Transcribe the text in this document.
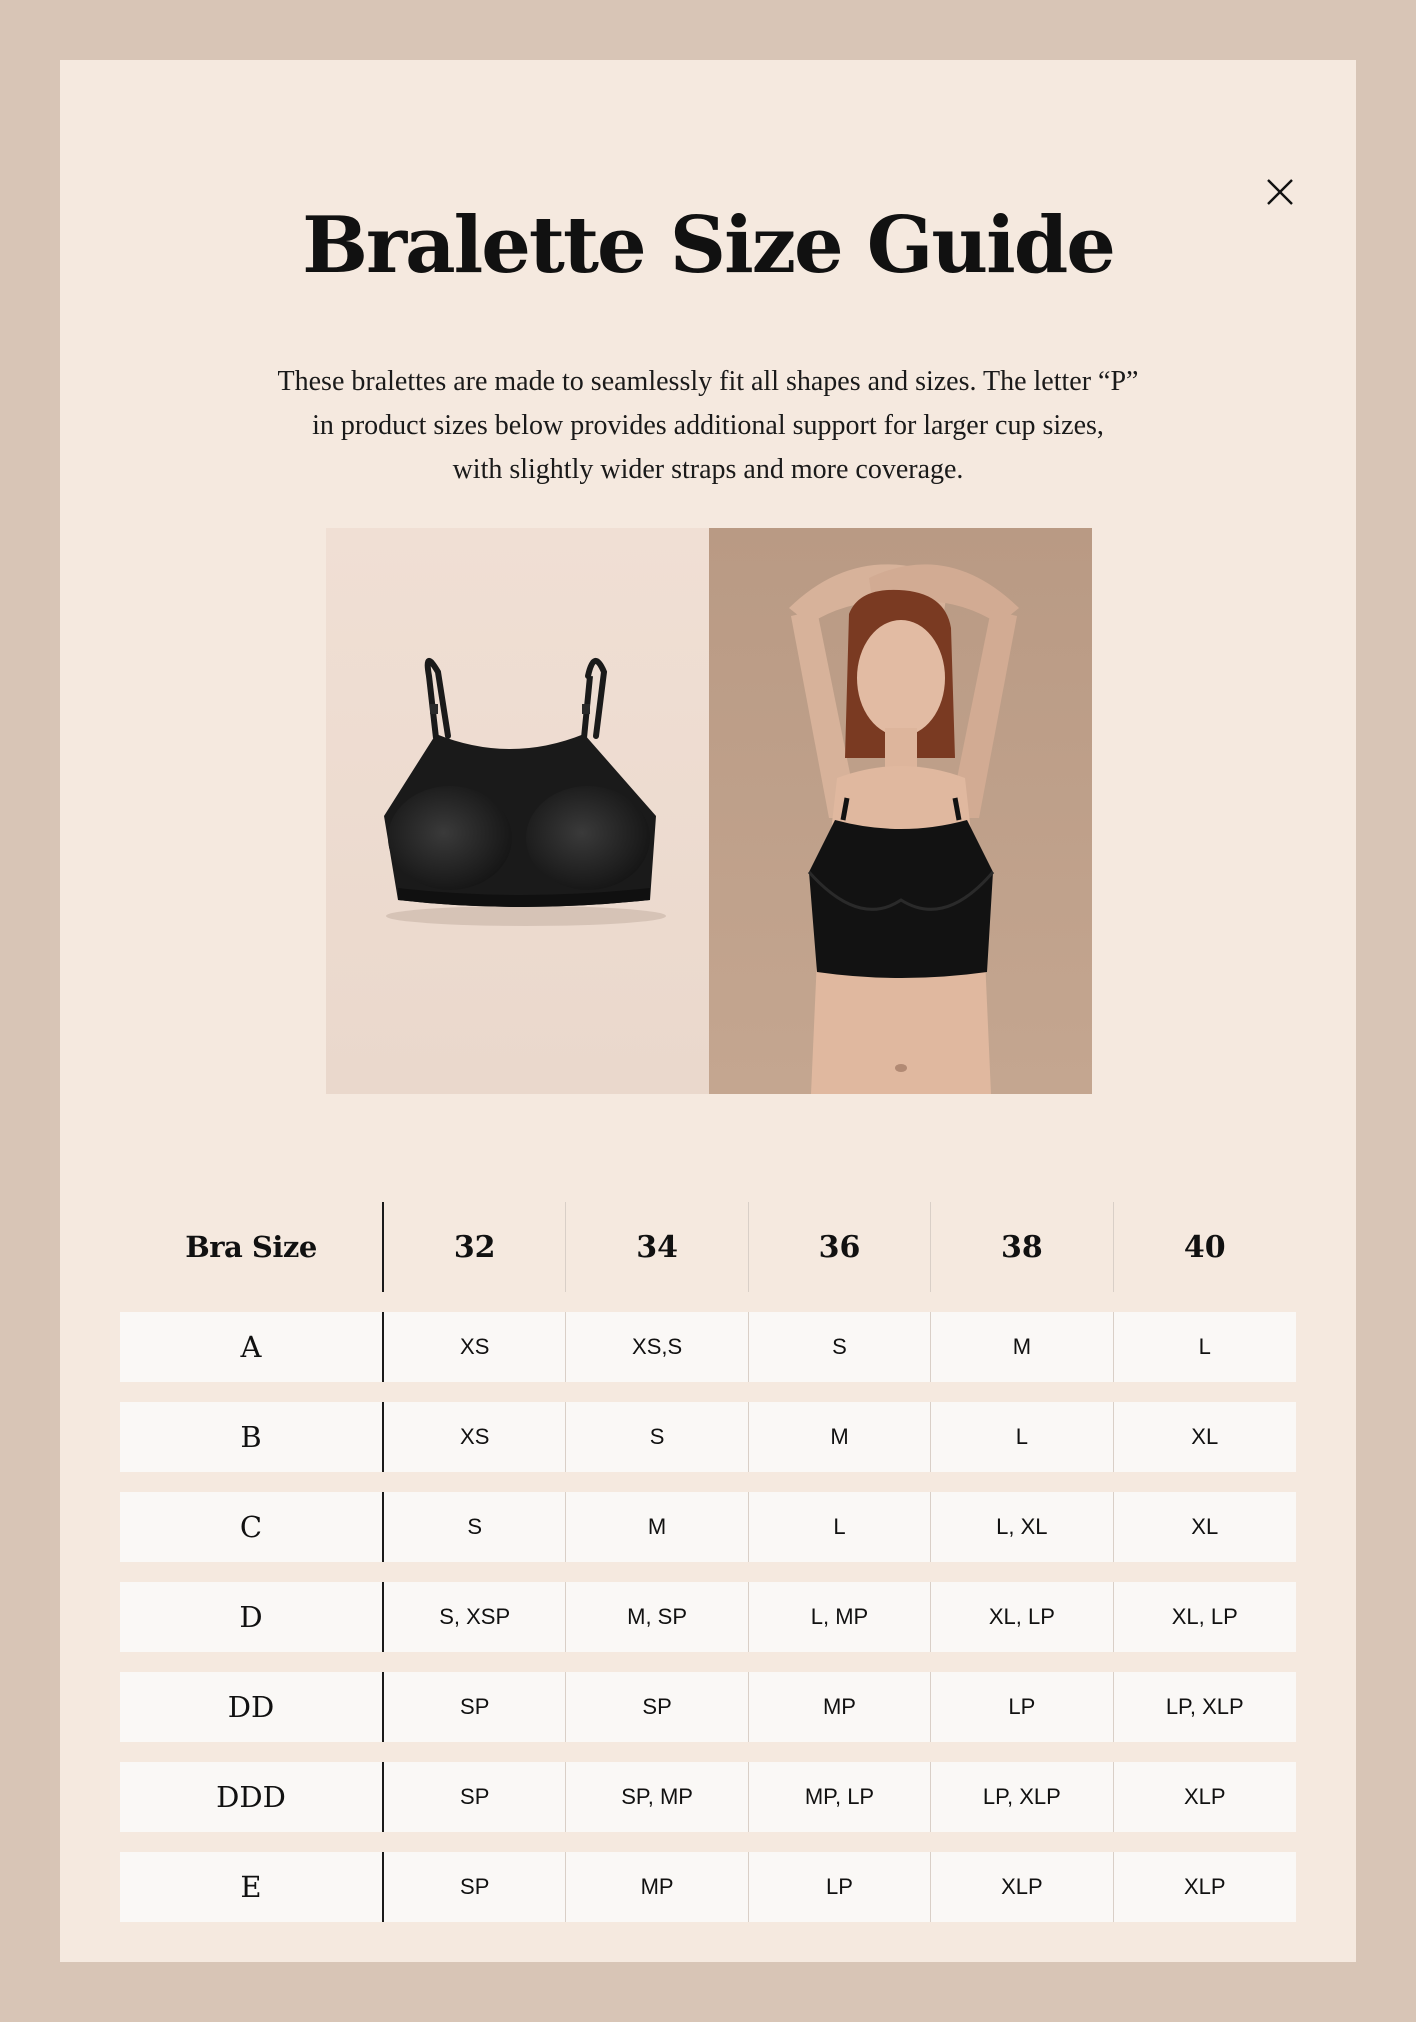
Bralette Size Guide

These bralettes are made to seamlessly fit all shapes and sizes. The letter “P”
in product sizes below provides additional support for larger cup sizes,
with slightly wider straps and more coverage.

Bra Size	32	34	36	38	40
A	XS	XS,S	S	M	L
B	XS	S	M	L	XL
C	S	M	L	L, XL	XL
D	S, XSP	M, SP	L, MP	XL, LP	XL, LP
DD	SP	SP	MP	LP	LP, XLP
DDD	SP	SP, MP	MP, LP	LP, XLP	XLP
E	SP	MP	LP	XLP	XLP
